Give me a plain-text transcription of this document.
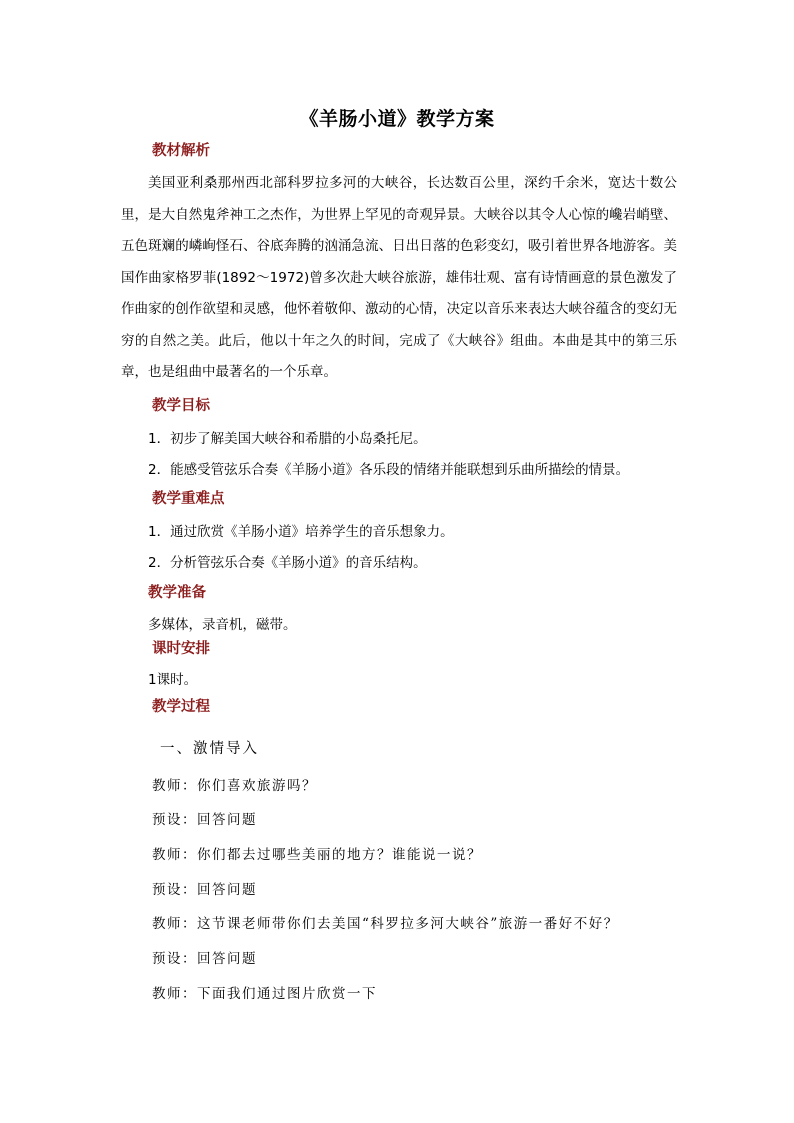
《羊肠小道》教学方案
教材解析
美国亚利桑那州西北部科罗拉多河的大峡谷，长达数百公里，深约千余米，宽达十数公里，是大自然鬼斧神工之杰作，为世界上罕见的奇观异景。大峡谷以其令人心惊的巉岩峭壁、五色斑斓的嶙峋怪石、谷底奔腾的汹涌急流、日出日落的色彩变幻，吸引着世界各地游客。美国作曲家格罗菲(1892～1972)曾多次赴大峡谷旅游，雄伟壮观、富有诗情画意的景色激发了作曲家的创作欲望和灵感，他怀着敬仰、激动的心情，决定以音乐来表达大峡谷蕴含的变幻无穷的自然之美。此后，他以十年之久的时间，完成了《大峡谷》组曲。本曲是其中的第三乐章，也是组曲中最著名的一个乐章。
教学目标
1．初步了解美国大峡谷和希腊的小岛桑托尼。
2．能感受管弦乐合奏《羊肠小道》各乐段的情绪并能联想到乐曲所描绘的情景。
教学重难点
1．通过欣赏《羊肠小道》培养学生的音乐想象力。
2．分析管弦乐合奏《羊肠小道》的音乐结构。
教学准备
多媒体，录音机，磁带。
课时安排
1课时。
教学过程
一、激情导入
教师：你们喜欢旅游吗？
预设：回答问题
教师：你们都去过哪些美丽的地方？谁能说一说？
预设：回答问题
教师：这节课老师带你们去美国“科罗拉多河大峡谷”旅游一番好不好？
预设：回答问题
教师：下面我们通过图片欣赏一下
